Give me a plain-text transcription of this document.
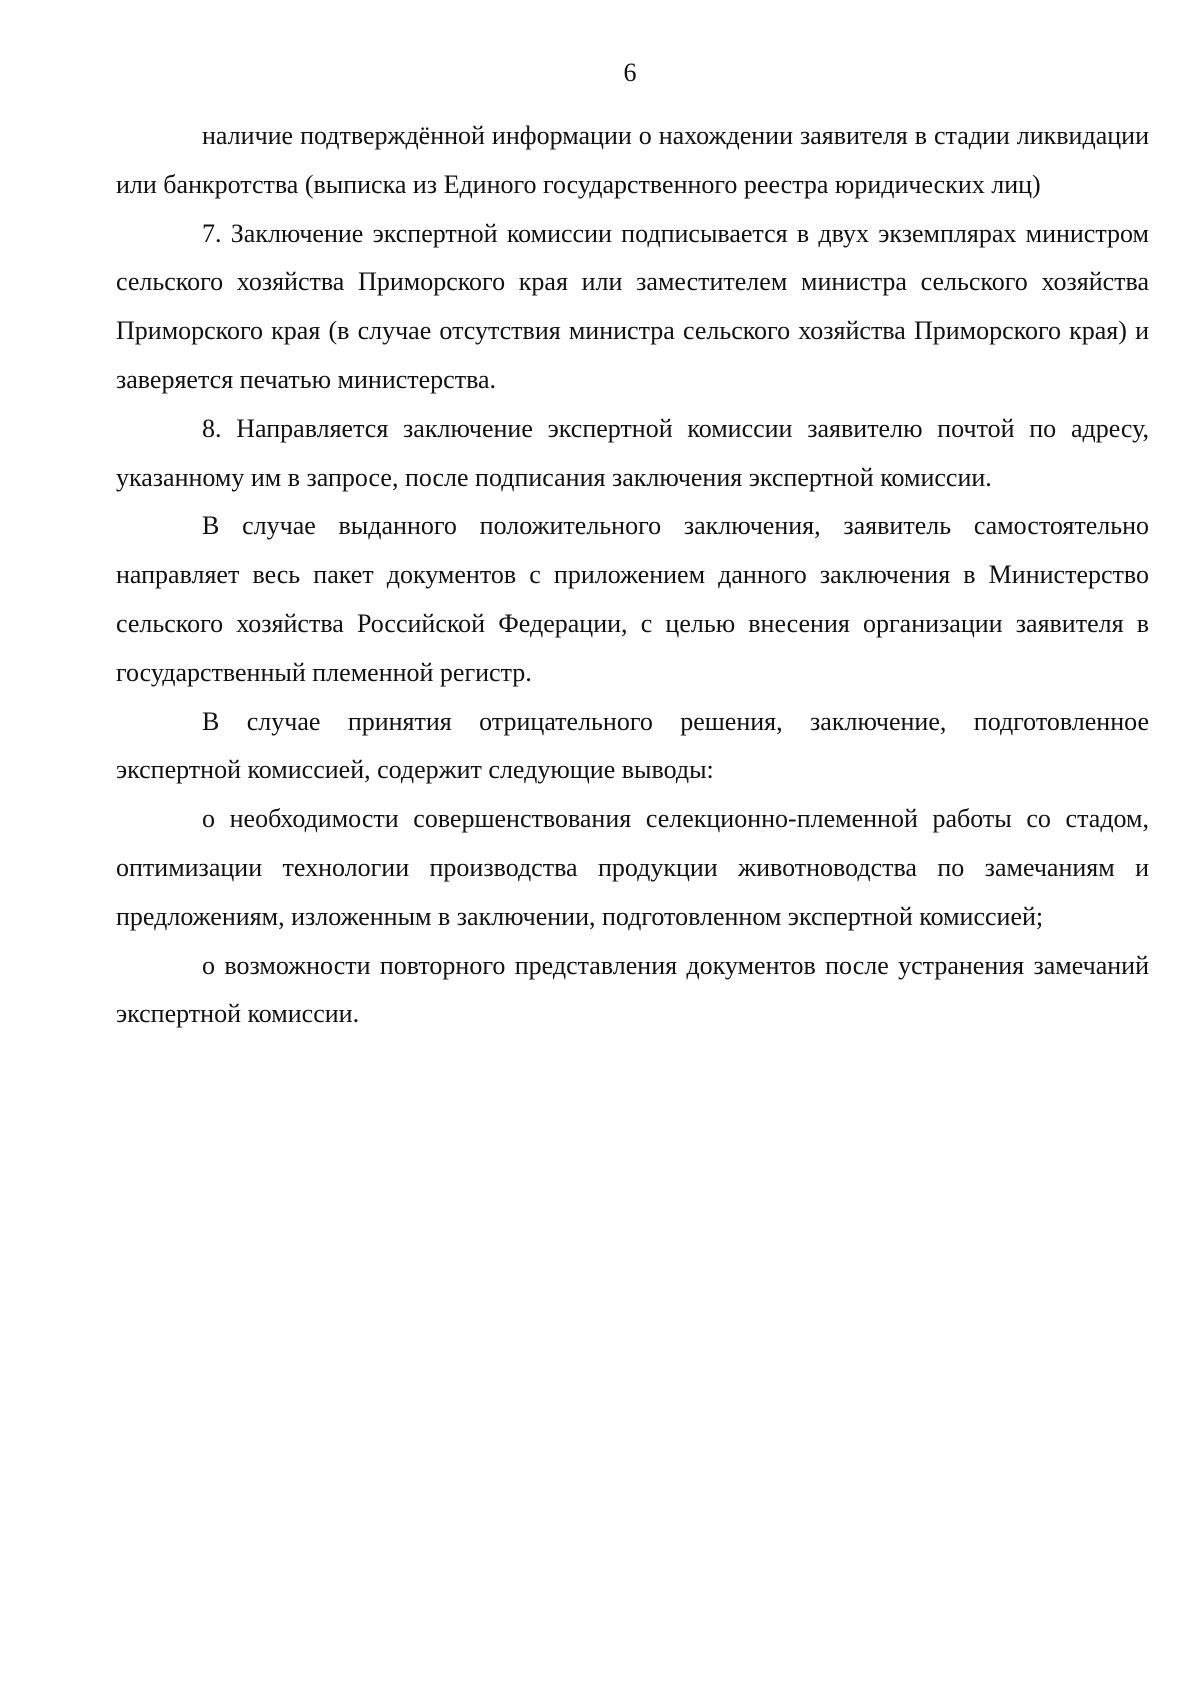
6

наличие подтверждённой информации о нахождении заявителя в стадии ликвидации или банкротства (выписка из Единого государственного реестра юридических лиц)

7. Заключение экспертной комиссии подписывается в двух экземплярах министром сельского хозяйства Приморского края или заместителем министра сельского хозяйства Приморского края (в случае отсутствия министра сельского хозяйства Приморского края) и заверяется печатью министерства.

8. Направляется заключение экспертной комиссии заявителю почтой по адресу, указанному им в запросе, после подписания заключения экспертной комиссии.

В случае выданного положительного заключения, заявитель самостоятельно направляет весь пакет документов с приложением данного заключения в Министерство сельского хозяйства Российской Федерации, с целью внесения организации заявителя в государственный племенной регистр.

В случае принятия отрицательного решения, заключение, подготовленное экспертной комиссией, содержит следующие выводы:

о необходимости совершенствования селекционно-племенной работы со стадом, оптимизации технологии производства продукции животноводства по замечаниям и предложениям, изложенным в заключении, подготовленном экспертной комиссией;

о возможности повторного представления документов после устранения замечаний экспертной комиссии.
